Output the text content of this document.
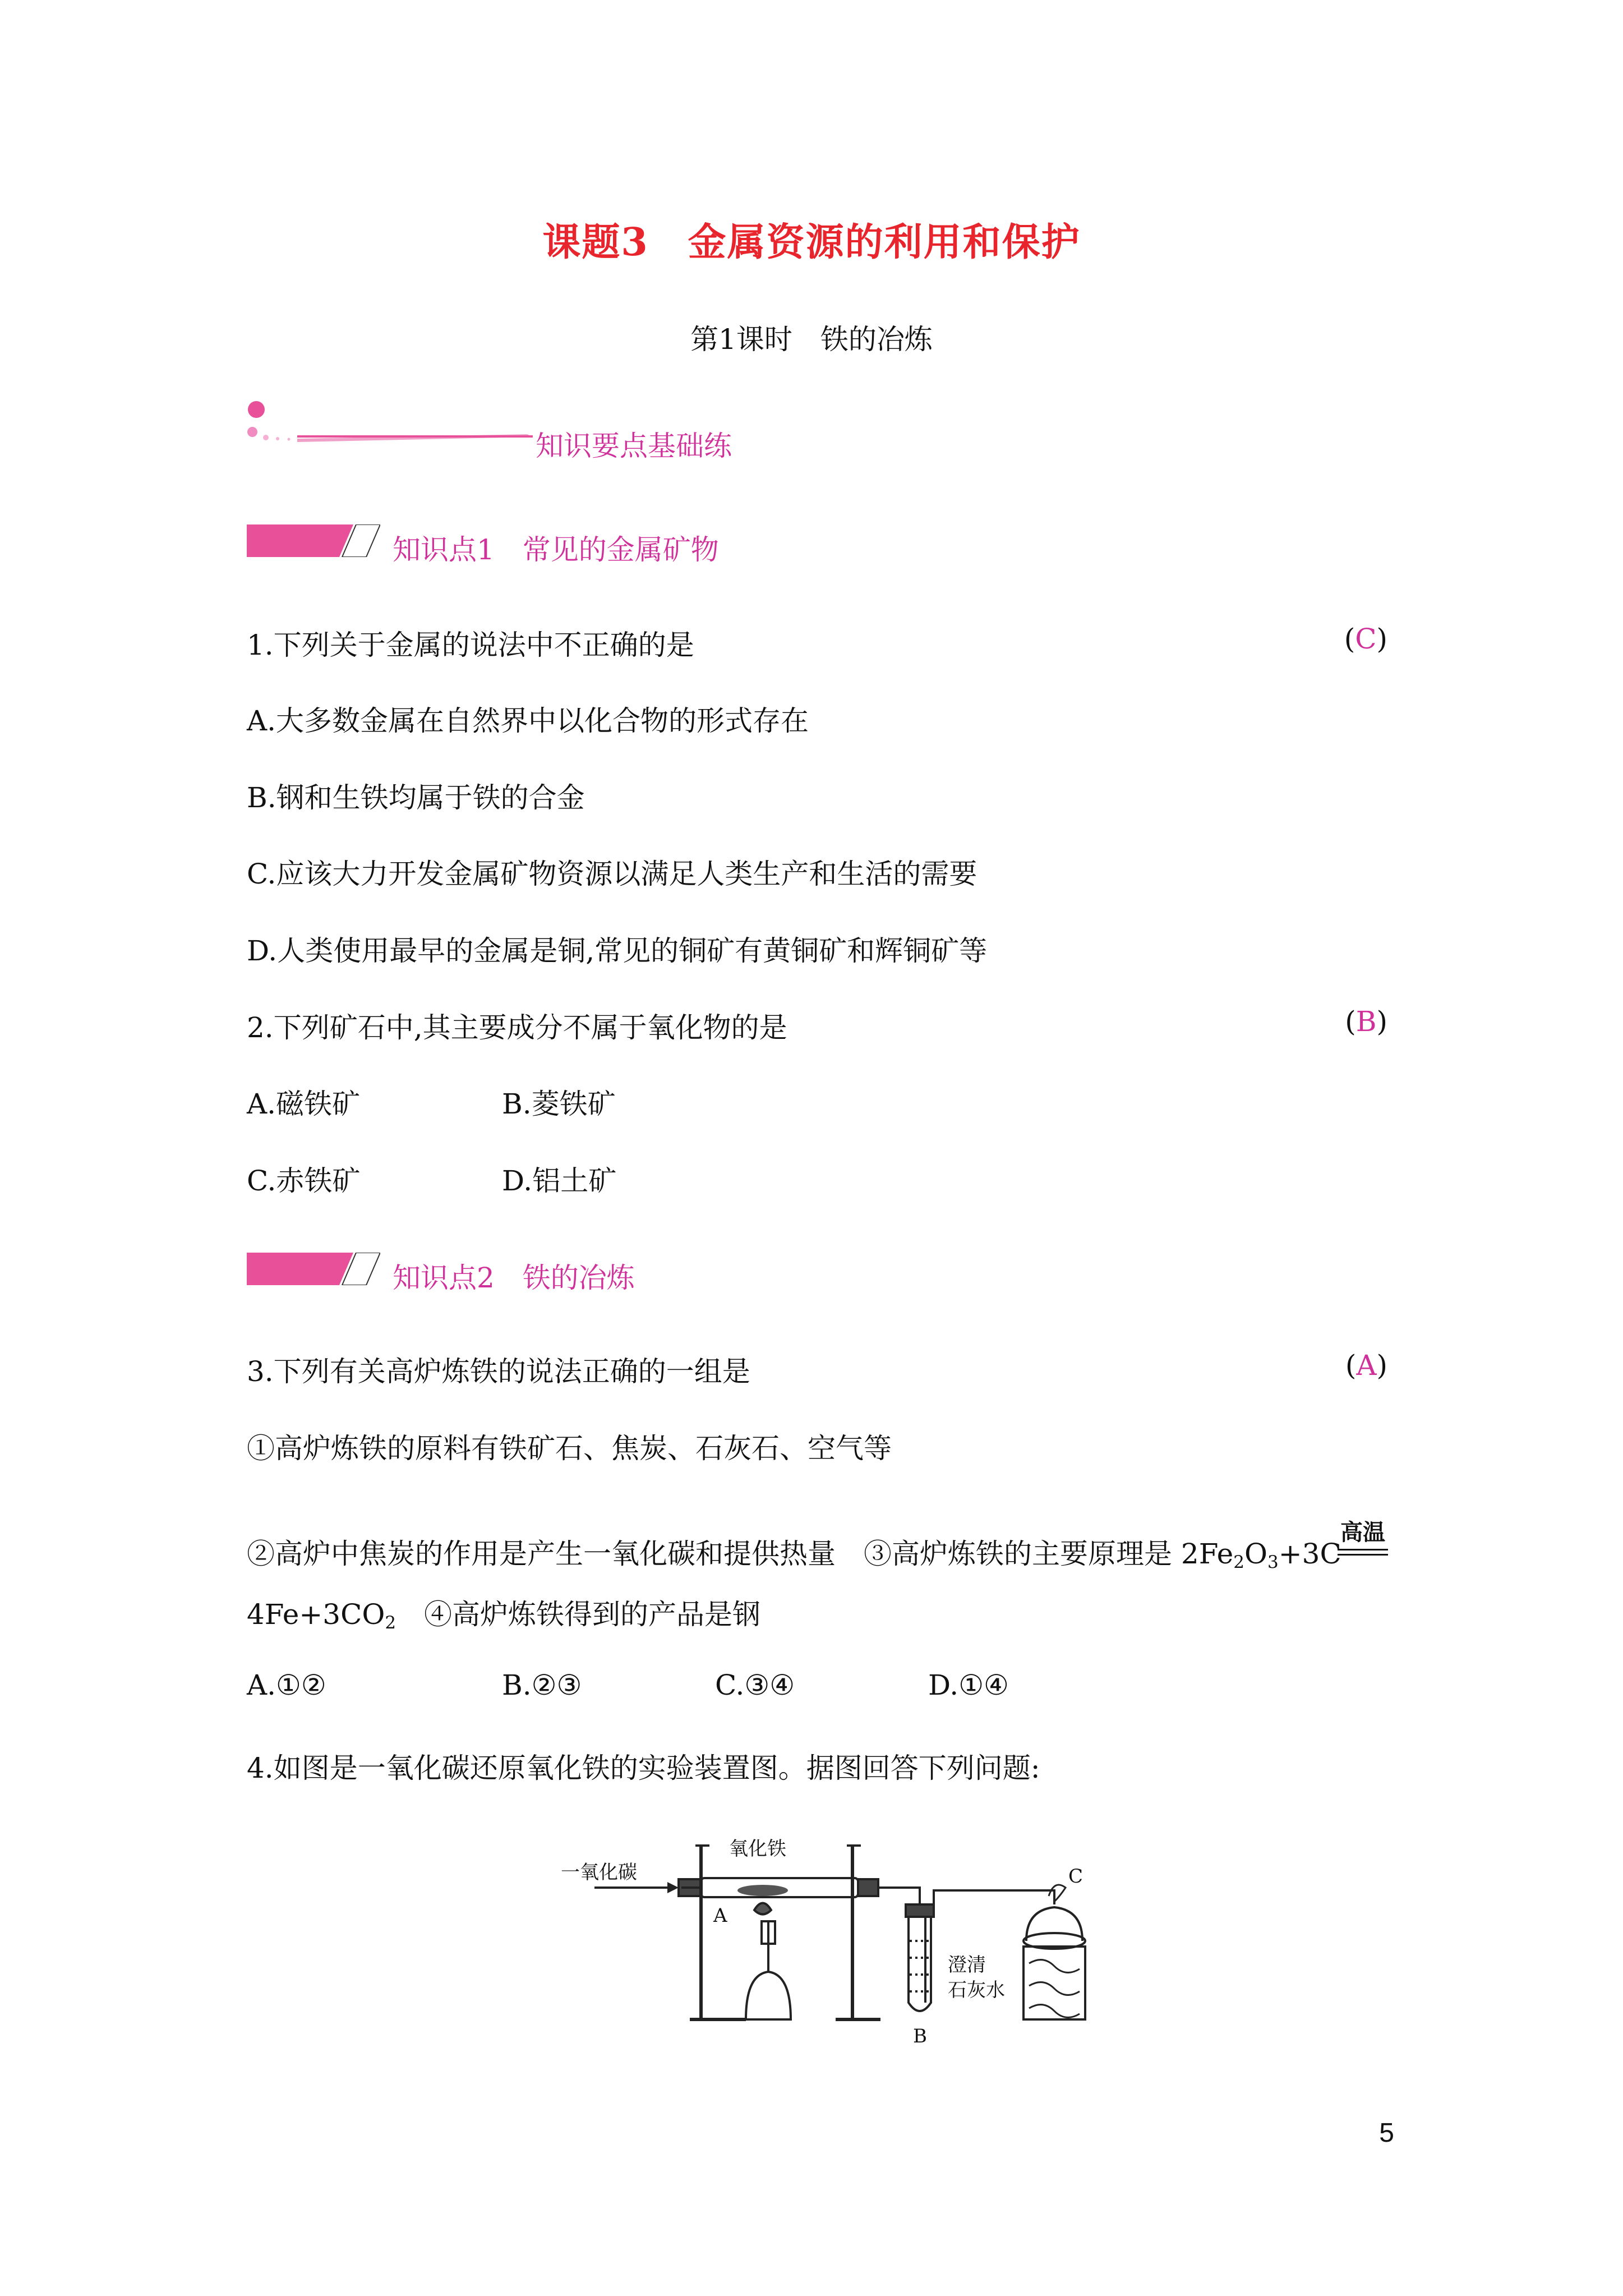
课题3　金属资源的利用和保护
第1课时　铁的冶炼
知识要点基础练
知识点1　常见的金属矿物
1.下列关于金属的说法中不正确的是	(C)
A.大多数金属在自然界中以化合物的形式存在
B.钢和生铁均属于铁的合金
C.应该大力开发金属矿物资源以满足人类生产和生活的需要
D.人类使用最早的金属是铜,常见的铜矿有黄铜矿和辉铜矿等
2.下列矿石中,其主要成分不属于氧化物的是	(B)
A.磁铁矿	B.菱铁矿
C.赤铁矿	D.铝土矿
知识点2　铁的冶炼
3.下列有关高炉炼铁的说法正确的一组是	(A)
①高炉炼铁的原料有铁矿石、焦炭、石灰石、空气等
②高炉中焦炭的作用是产生一氧化碳和提供热量　③高炉炼铁的主要原理是 $2Fe_2O_3+3C$
高温
$4Fe+3CO_2$　④高炉炼铁得到的产品是钢
A.①②	B.②③	C.③④	D.①④
4.如图是一氧化碳还原氧化铁的实验装置图。据图回答下列问题:
一氧化碳
氧化铁
A
B
C
澄清
石灰水
5
